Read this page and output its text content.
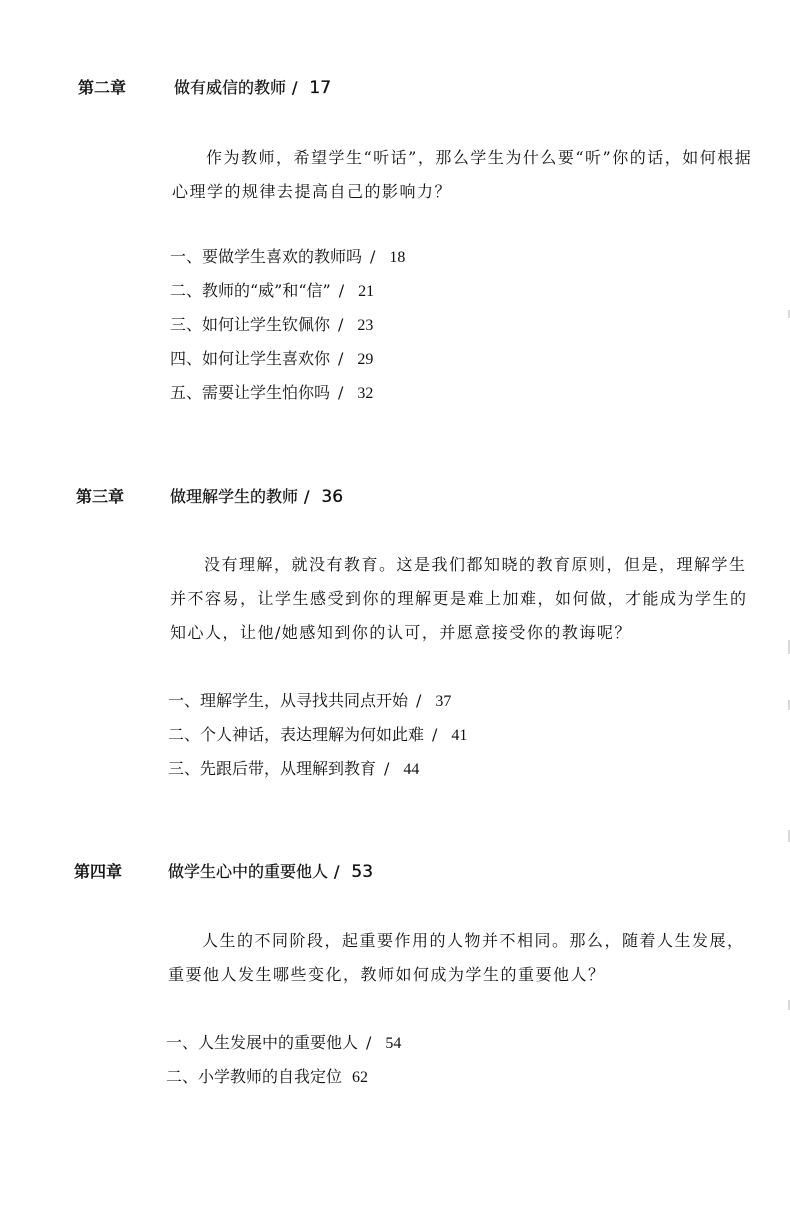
第二章	做有威信的教师 / 17
作为教师，希望学生“听话”，那么学生为什么要“听”你的话，如何根据
心理学的规律去提高自己的影响力？
一、要做学生喜欢的教师吗 / 18
二、教师的“威”和“信” / 21
三、如何让学生钦佩你 / 23
四、如何让学生喜欢你 / 29
五、需要让学生怕你吗 / 32
第三章	做理解学生的教师 / 36
没有理解，就没有教育。这是我们都知晓的教育原则，但是，理解学生
并不容易，让学生感受到你的理解更是难上加难，如何做，才能成为学生的
知心人，让他/她感知到你的认可，并愿意接受你的教诲呢？
一、理解学生，从寻找共同点开始 / 37
二、个人神话，表达理解为何如此难 / 41
三、先跟后带，从理解到教育 / 44
第四章	做学生心中的重要他人 / 53
人生的不同阶段，起重要作用的人物并不相同。那么，随着人生发展，
重要他人发生哪些变化，教师如何成为学生的重要他人？
一、人生发展中的重要他人 / 54
二、小学教师的自我定位 62
